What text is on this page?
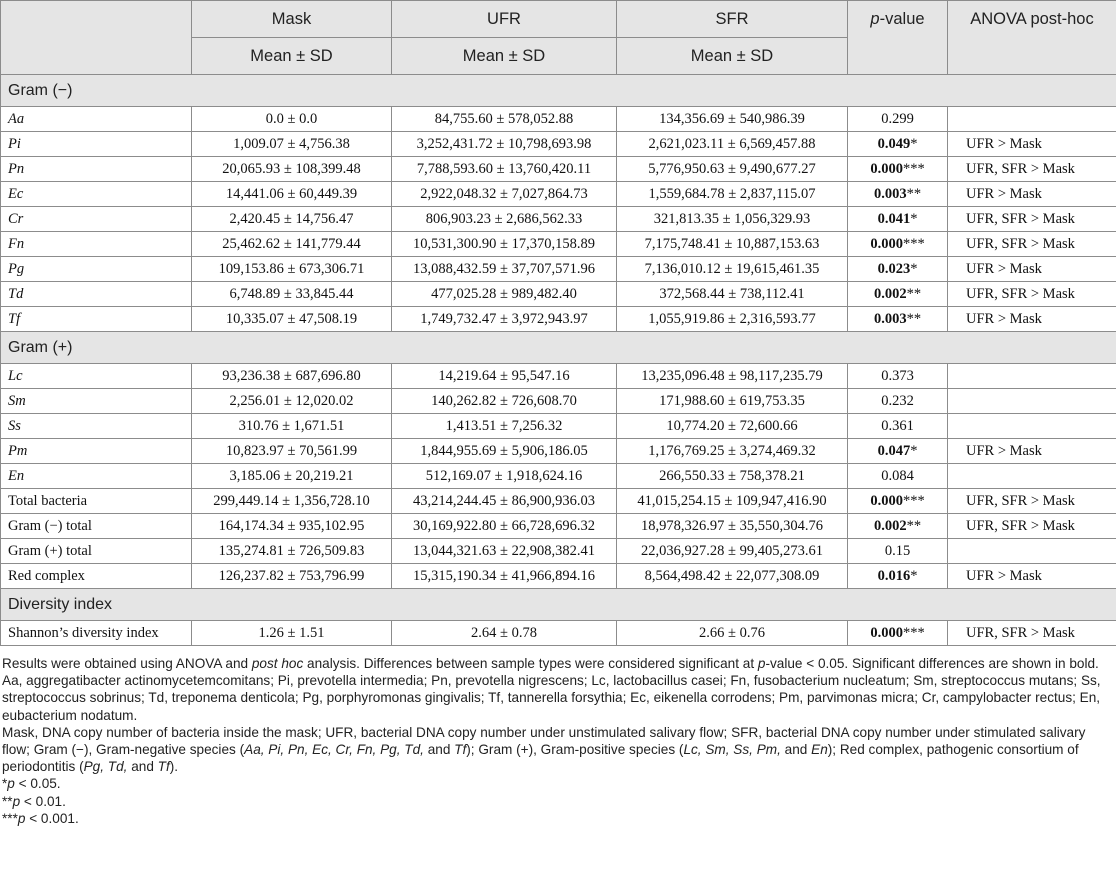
	Mask	UFR	SFR	p-value	ANOVA post-hoc
	Mean ± SD	Mean ± SD	Mean ± SD		
Gram (−)					
Aa	0.0 ± 0.0	84,755.60 ± 578,052.88	134,356.69 ± 540,986.39	0.299	
Pi	1,009.07 ± 4,756.38	3,252,431.72 ± 10,798,693.98	2,621,023.11 ± 6,569,457.88	0.049*	UFR > Mask
Pn	20,065.93 ± 108,399.48	7,788,593.60 ± 13,760,420.11	5,776,950.63 ± 9,490,677.27	0.000***	UFR, SFR > Mask
Ec	14,441.06 ± 60,449.39	2,922,048.32 ± 7,027,864.73	1,559,684.78 ± 2,837,115.07	0.003**	UFR > Mask
Cr	2,420.45 ± 14,756.47	806,903.23 ± 2,686,562.33	321,813.35 ± 1,056,329.93	0.041*	UFR, SFR > Mask
Fn	25,462.62 ± 141,779.44	10,531,300.90 ± 17,370,158.89	7,175,748.41 ± 10,887,153.63	0.000***	UFR, SFR > Mask
Pg	109,153.86 ± 673,306.71	13,088,432.59 ± 37,707,571.96	7,136,010.12 ± 19,615,461.35	0.023*	UFR > Mask
Td	6,748.89 ± 33,845.44	477,025.28 ± 989,482.40	372,568.44 ± 738,112.41	0.002**	UFR, SFR > Mask
Tf	10,335.07 ± 47,508.19	1,749,732.47 ± 3,972,943.97	1,055,919.86 ± 2,316,593.77	0.003**	UFR > Mask
Gram (+)					
Lc	93,236.38 ± 687,696.80	14,219.64 ± 95,547.16	13,235,096.48 ± 98,117,235.79	0.373	
Sm	2,256.01 ± 12,020.02	140,262.82 ± 726,608.70	171,988.60 ± 619,753.35	0.232	
Ss	310.76 ± 1,671.51	1,413.51 ± 7,256.32	10,774.20 ± 72,600.66	0.361	
Pm	10,823.97 ± 70,561.99	1,844,955.69 ± 5,906,186.05	1,176,769.25 ± 3,274,469.32	0.047*	UFR > Mask
En	3,185.06 ± 20,219.21	512,169.07 ± 1,918,624.16	266,550.33 ± 758,378.21	0.084	
Total bacteria	299,449.14 ± 1,356,728.10	43,214,244.45 ± 86,900,936.03	41,015,254.15 ± 109,947,416.90	0.000***	UFR, SFR > Mask
Gram (−) total	164,174.34 ± 935,102.95	30,169,922.80 ± 66,728,696.32	18,978,326.97 ± 35,550,304.76	0.002**	UFR, SFR > Mask
Gram (+) total	135,274.81 ± 726,509.83	13,044,321.63 ± 22,908,382.41	22,036,927.28 ± 99,405,273.61	0.15	
Red complex	126,237.82 ± 753,796.99	15,315,190.34 ± 41,966,894.16	8,564,498.42 ± 22,077,308.09	0.016*	UFR > Mask
Diversity index					
Shannon’s diversity index	1.26 ± 1.51	2.64 ± 0.78	2.66 ± 0.76	0.000***	UFR, SFR > Mask

Results were obtained using ANOVA and post hoc analysis. Differences between sample types were considered significant at p-value < 0.05. Significant differences are shown in bold.

Aa, aggregatibacter actinomycetemcomitans; Pi, prevotella intermedia; Pn, prevotella nigrescens; Lc, lactobacillus casei; Fn, fusobacterium nucleatum; Sm, streptococcus mutans; Ss, streptococcus sobrinus; Td, treponema denticola; Pg, porphyromonas gingivalis; Tf, tannerella forsythia; Ec, eikenella corrodens; Pm, parvimonas micra; Cr, campylobacter rectus; En, eubacterium nodatum.

Mask, DNA copy number of bacteria inside the mask; UFR, bacterial DNA copy number under unstimulated salivary flow; SFR, bacterial DNA copy number under stimulated salivary flow; Gram (−), Gram-negative species (Aa, Pi, Pn, Ec, Cr, Fn, Pg, Td, and Tf); Gram (+), Gram-positive species (Lc, Sm, Ss, Pm, and En); Red complex, pathogenic consortium of periodontitis (Pg, Td, and Tf).

*p < 0.05.

**p < 0.01.

***p < 0.001.
